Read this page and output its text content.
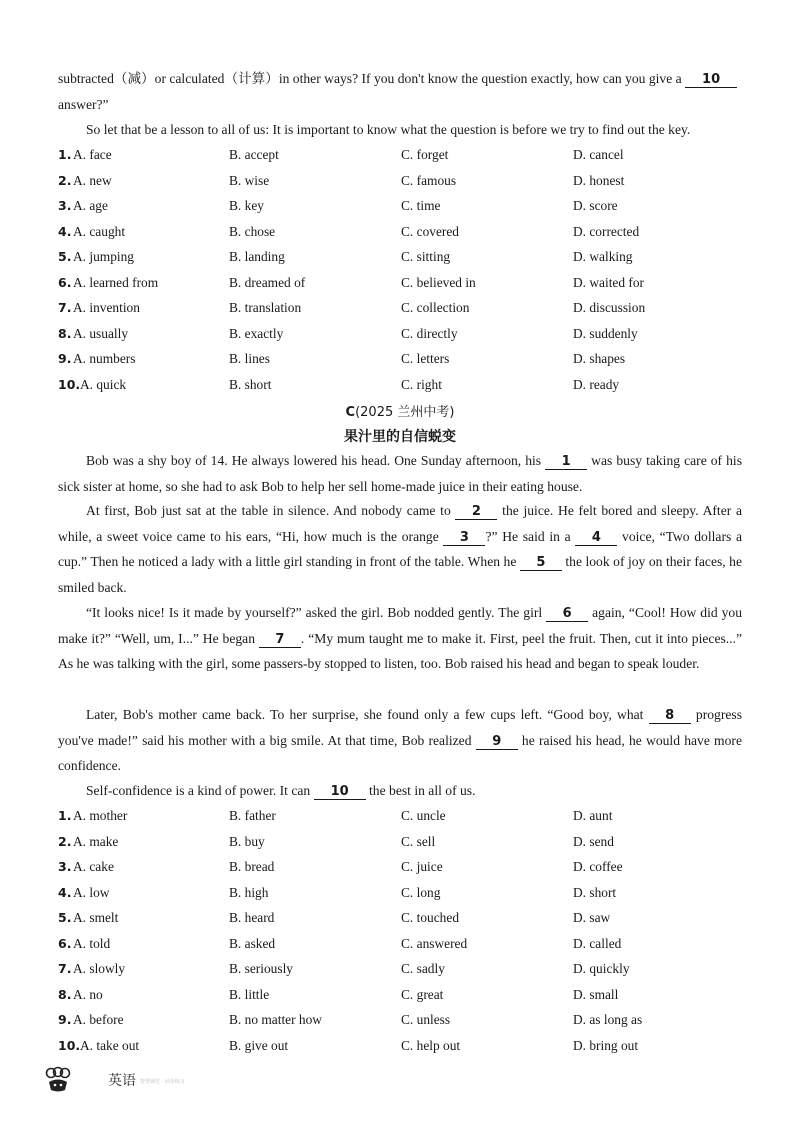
subtracted（减）or calculated（计算）in other ways? If you don't know the question exactly, how can you give a 10
answer?”
So let that be a lesson to all of us: It is important to know what the question is before we try to find out the key.
1. A. face	B. accept	C. forget	D. cancel
2. A. new	B. wise	C. famous	D. honest
3. A. age	B. key	C. time	D. score
4. A. caught	B. chose	C. covered	D. corrected
5. A. jumping	B. landing	C. sitting	D. walking
6. A. learned from	B. dreamed of	C. believed in	D. waited for
7. A. invention	B. translation	C. collection	D. discussion
8. A. usually	B. exactly	C. directly	D. suddenly
9. A. numbers	B. lines	C. letters	D. shapes
10. A. quick	B. short	C. right	D. ready
C(2025 兰州中考)
果汁里的自信蜕变
Bob was a shy boy of 14. He always lowered his head. One Sunday afternoon, his 1 was busy taking care of his sick sister at home, so she had to ask Bob to help her sell home-made juice in their eating house.
At first, Bob just sat at the table in silence. And nobody came to 2 the juice. He felt bored and sleepy. After a while, a sweet voice came to his ears, “Hi, how much is the orange 3 ?” He said in a 4 voice, “Two dollars a cup.” Then he noticed a lady with a little girl standing in front of the table. When he 5 the look of joy on their faces, he smiled back.
“It looks nice! Is it made by yourself?” asked the girl. Bob nodded gently. The girl 6 again, “Cool! How did you make it?” “Well, um, I...” He began 7 . “My mum taught me to make it. First, peel the fruit. Then, cut it into pieces...” As he was talking with the girl, some passers-by stopped to listen, too. Bob raised his head and began to speak louder.
Later, Bob's mother came back. To her surprise, she found only a few cups left. “Good boy, what 8 progress you've made!” said his mother with a big smile. At that time, Bob realized 9 he raised his head, he would have more confidence.
Self-confidence is a kind of power. It can 10 the best in all of us.
1. A. mother	B. father	C. uncle	D. aunt
2. A. make	B. buy	C. sell	D. send
3. A. cake	B. bread	C. juice	D. coffee
4. A. low	B. high	C. long	D. short
5. A. smelt	B. heard	C. touched	D. saw
6. A. told	B. asked	C. answered	D. called
7. A. slowly	B. seriously	C. sadly	D. quickly
8. A. no	B. little	C. great	D. small
9. A. before	B. no matter how	C. unless	D. as long as
10. A. take out	B. give out	C. help out	D. bring out
英语 智慧课堂 · 同步练习
